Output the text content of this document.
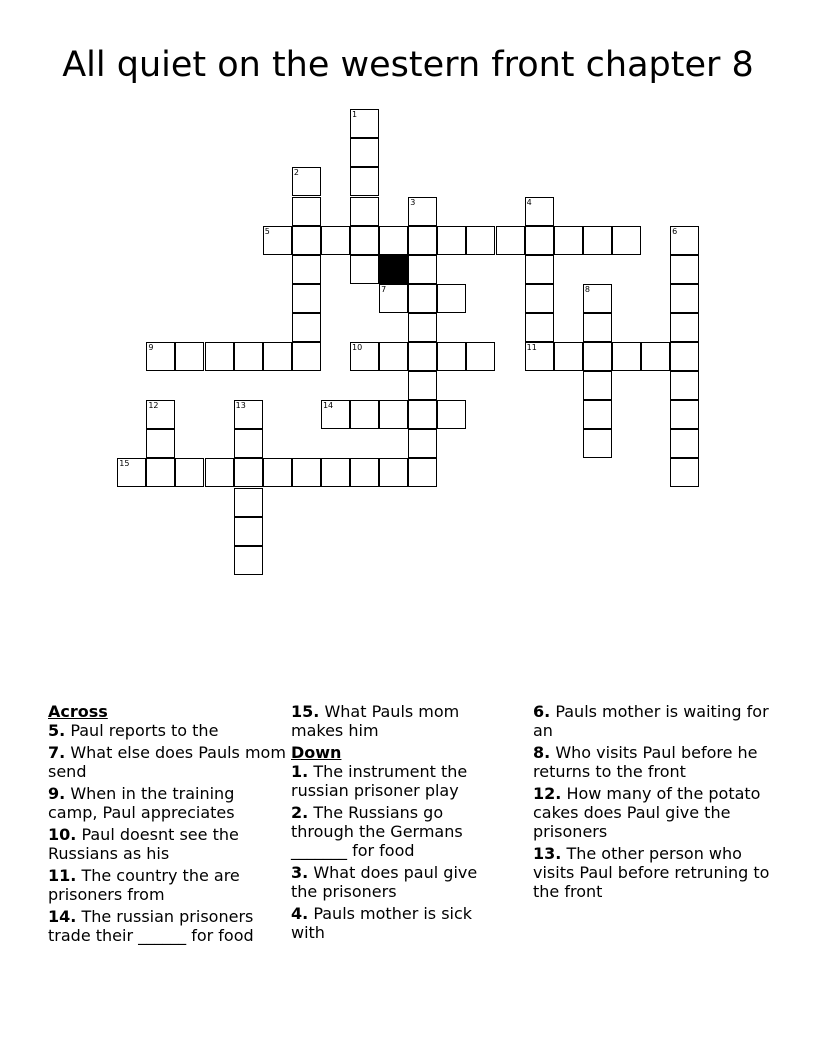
All quiet on the western front chapter 8
1
2
3	4
11
5	6
7	8
9	10
12	13	14
15
Across
5. Paul reports to the
7. What else does Pauls mom send
9. When in the training camp, Paul appreciates
10. Paul doesnt see the Russians as his
11. The country the are prisoners from
14. The russian prisoners trade their ______ for food
15. What Pauls mom makes him
Down
1. The instrument the russian prisoner play
2. The Russians go through the Germans _______ for food
3. What does paul give the prisoners
4. Pauls mother is sick with
6. Pauls mother is waiting for an
8. Who visits Paul before he returns to the front
12. How many of the potato cakes does Paul give the prisoners
13. The other person who visits Paul before retruning to the front
